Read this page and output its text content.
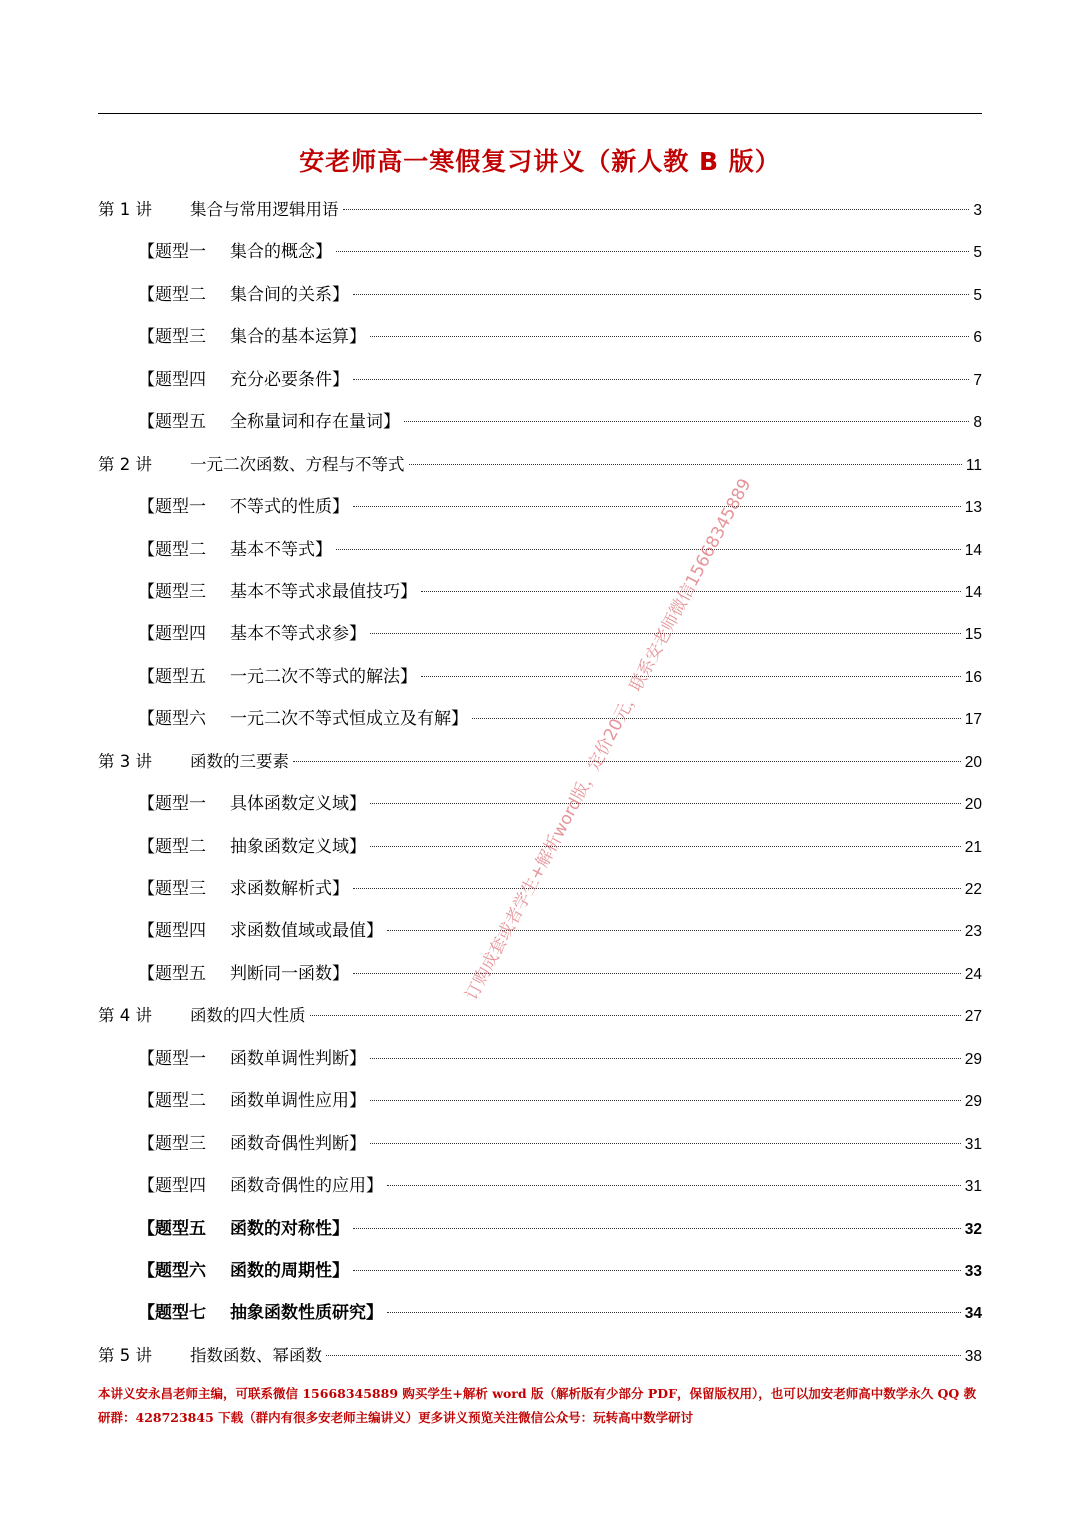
安老师高一寒假复习讲义（新人教 B 版）
第 1 讲 集合与常用逻辑用语	3
【题型一 集合的概念】	5
【题型二 集合间的关系】	5
【题型三 集合的基本运算】	6
【题型四 充分必要条件】	7
【题型五 全称量词和存在量词】	8
第 2 讲 一元二次函数、方程与不等式	11
【题型一 不等式的性质】	13
【题型二 基本不等式】	14
【题型三 基本不等式求最值技巧】	14
【题型四 基本不等式求参】	15
【题型五 一元二次不等式的解法】	16
【题型六 一元二次不等式恒成立及有解】	17
第 3 讲 函数的三要素	20
【题型一 具体函数定义域】	20
【题型二 抽象函数定义域】	21
【题型三 求函数解析式】	22
【题型四 求函数值域或最值】	23
【题型五 判断同一函数】	24
第 4 讲 函数的四大性质	27
【题型一 函数单调性判断】	29
【题型二 函数单调性应用】	29
【题型三 函数奇偶性判断】	31
【题型四 函数奇偶性的应用】	31
【题型五 函数的对称性】	32
【题型六 函数的周期性】	33
【题型七 抽象函数性质研究】	34
第 5 讲 指数函数、幂函数	38
订购成套或者学生+解析word版，定价20元，联系安老师微信15668345889
本讲义安永昌老师主编，可联系微信 15668345889 购买学生+解析 word 版（解析版有少部分 PDF，保留版权用），也可以加安老师高中数学永久 QQ 教研群：428723845 下载（群内有很多安老师主编讲义）更多讲义预览关注微信公众号：玩转高中数学研讨
